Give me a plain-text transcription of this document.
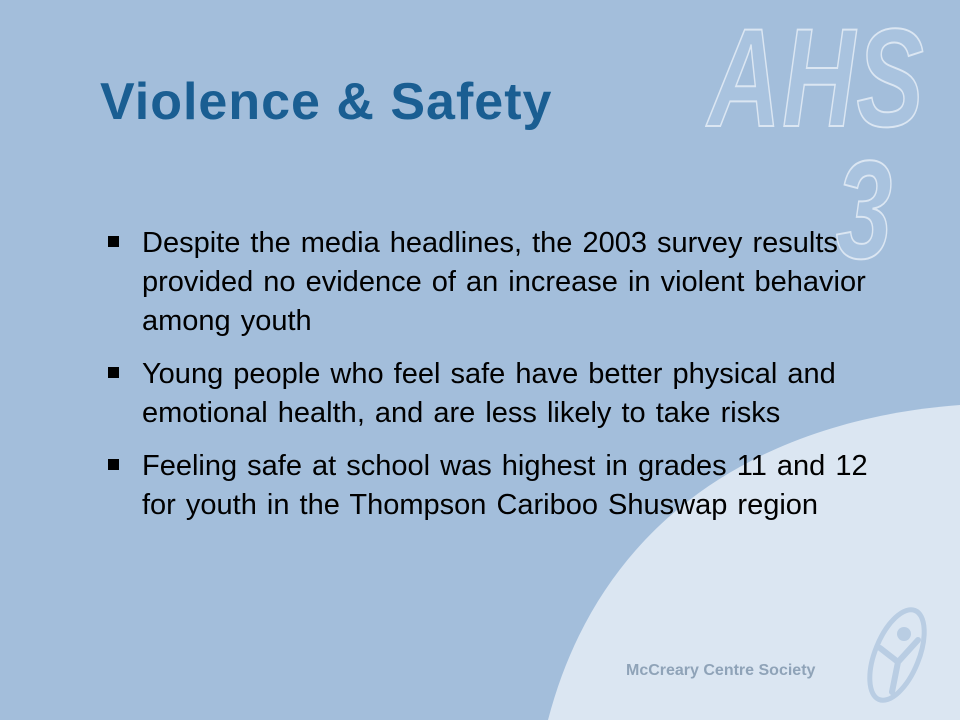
AHS
3
Violence & Safety
Despite the media headlines, the 2003 survey results provided no evidence of an increase in violent behavior among youth
Young people who feel safe have better physical and emotional health, and are less likely to take risks
Feeling safe at school was highest in grades 11 and 12 for youth in the Thompson Cariboo Shuswap region
McCreary Centre Society
